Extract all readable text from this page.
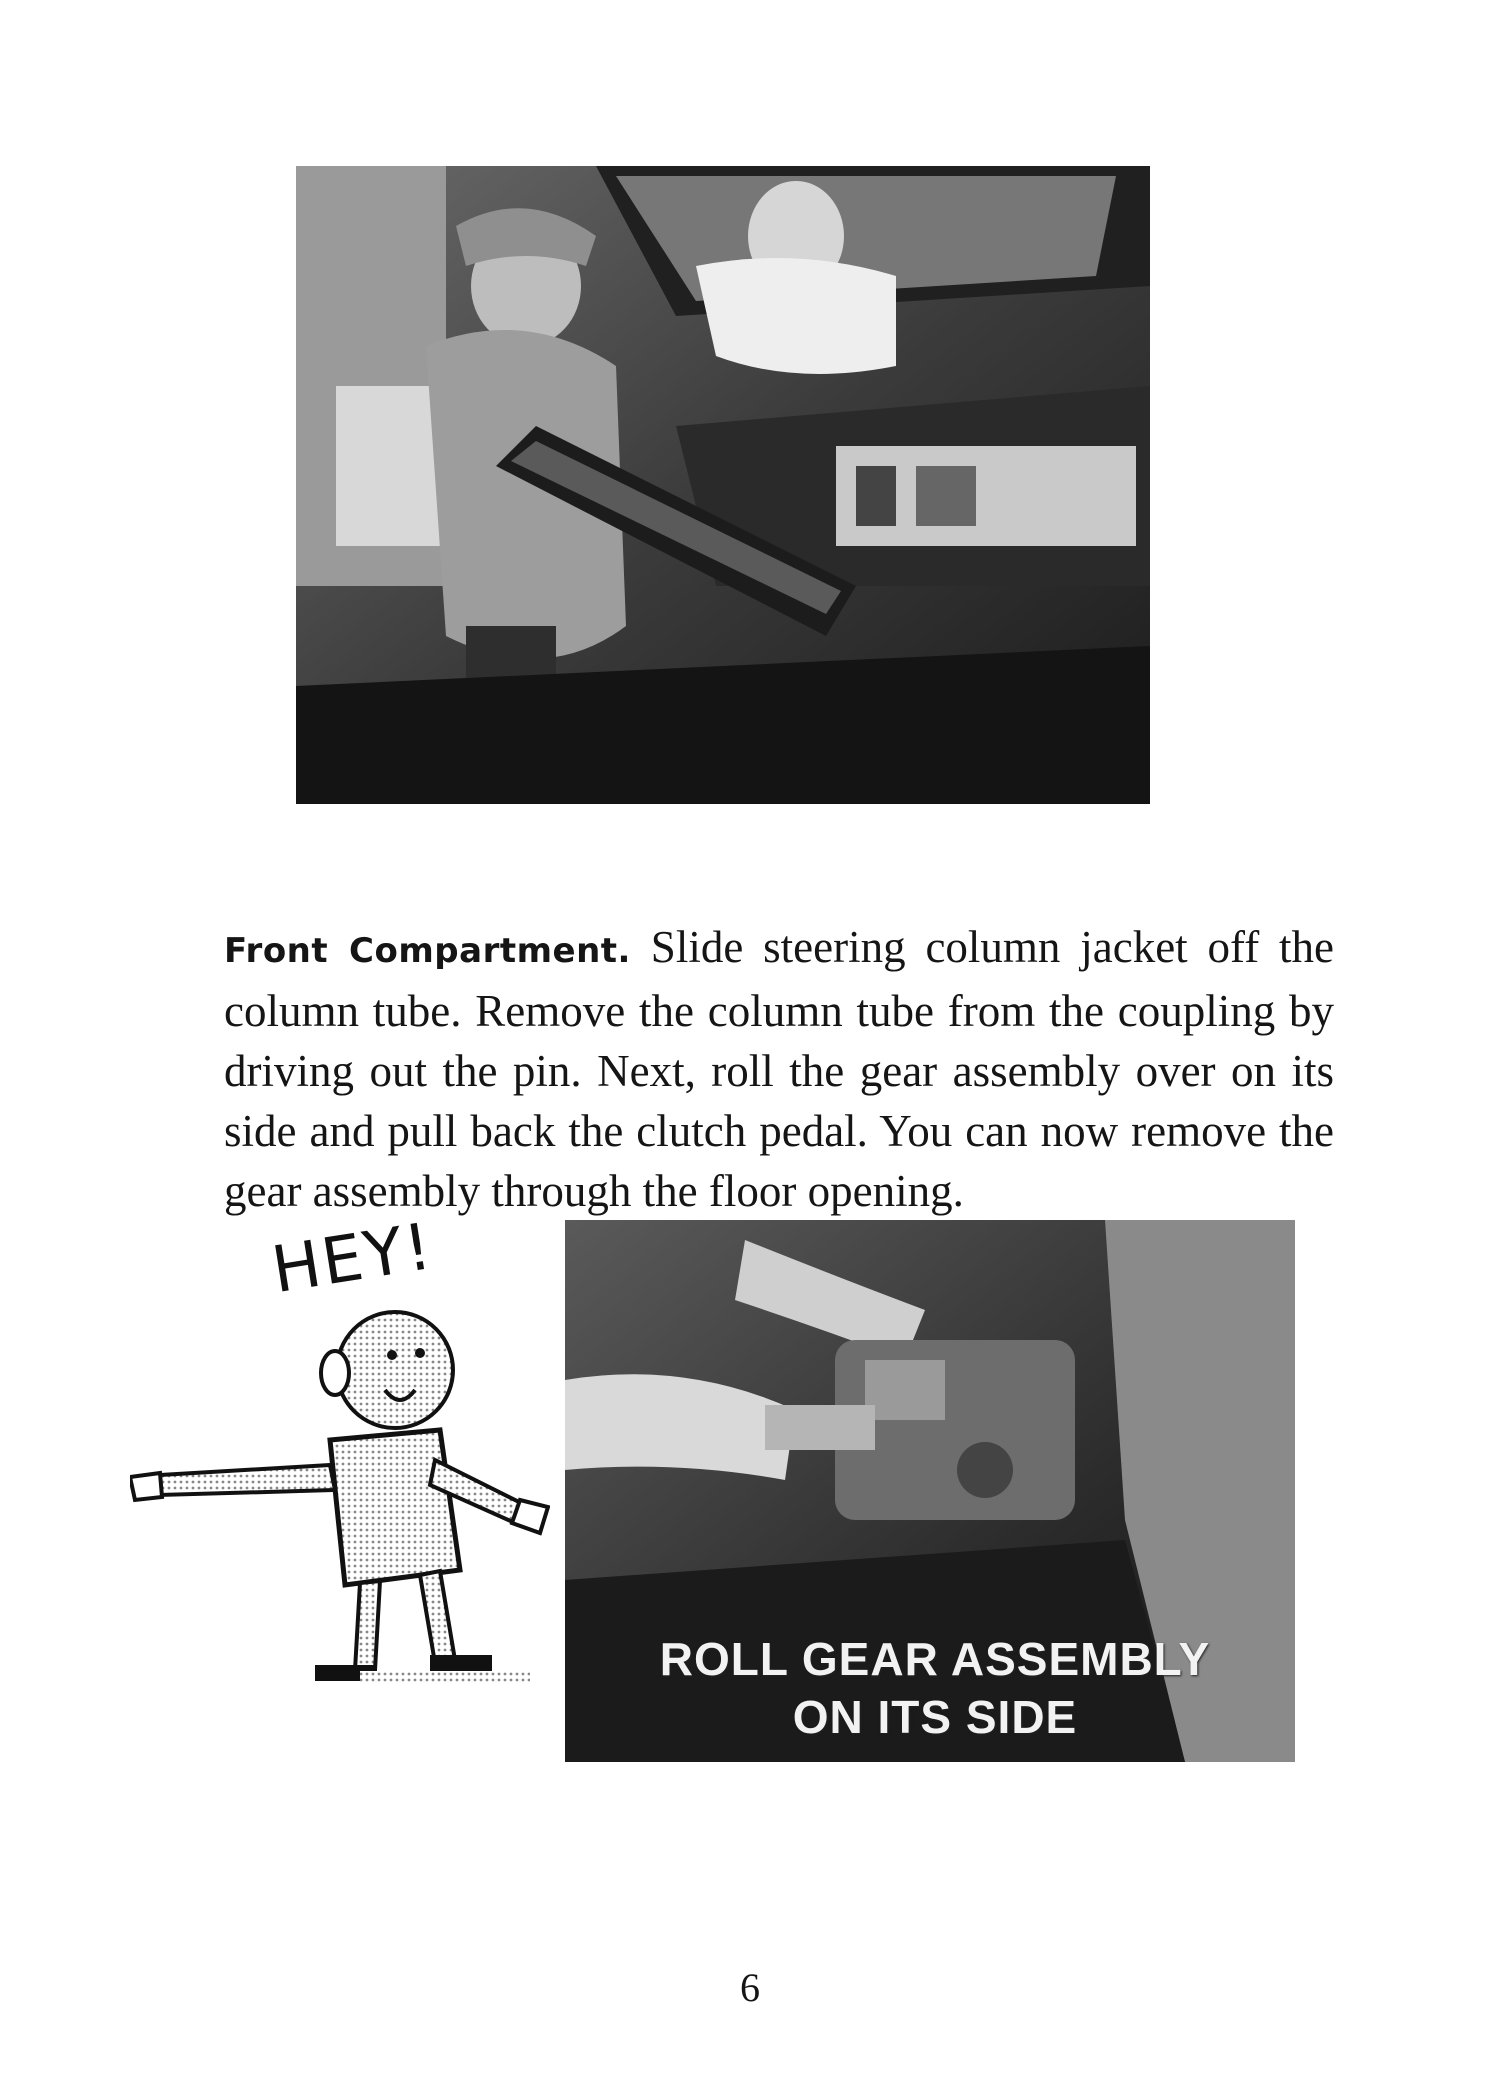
Front Compartment. Slide steering column jacket off the column tube. Remove the column tube from the coupling by driving out the pin. Next, roll the gear assembly over on its side and pull back the clutch pedal. You can now remove the gear assembly through the floor opening.

HEY!
ROLL GEAR ASSEMBLY
ON ITS SIDE
6
